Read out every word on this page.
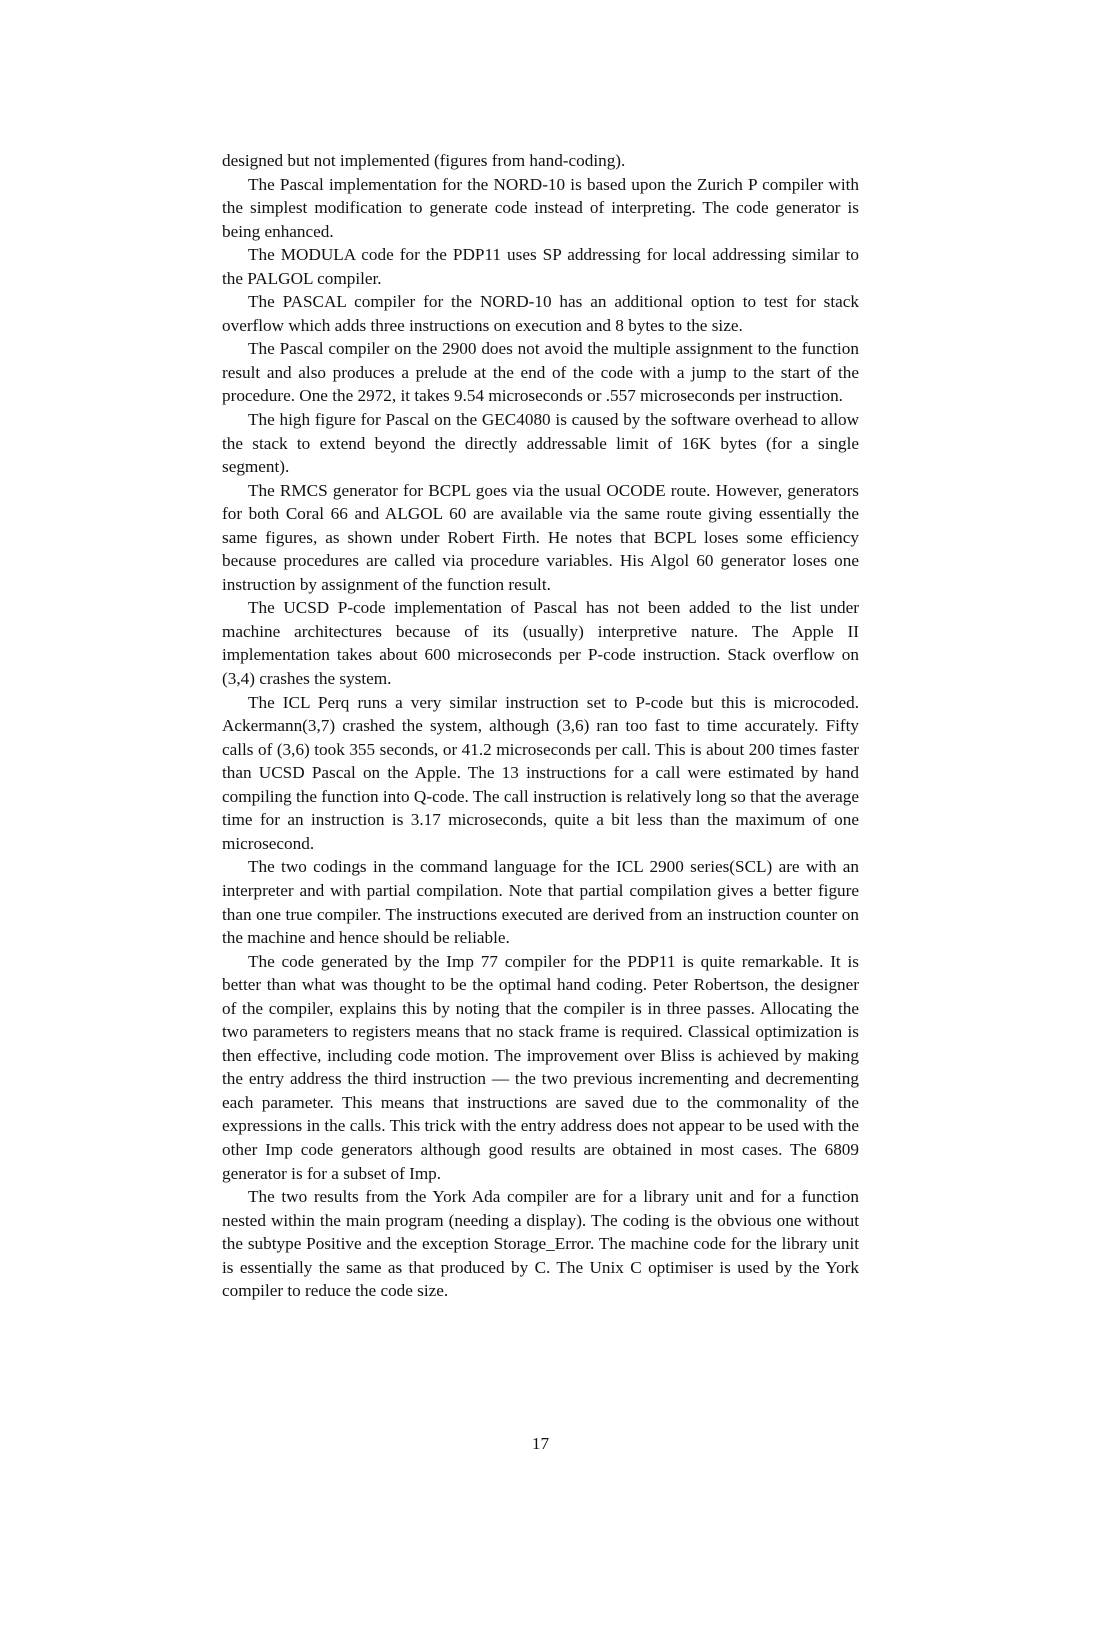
designed but not implemented (figures from hand-coding).

The Pascal implementation for the NORD-10 is based upon the Zurich P compiler with the simplest modification to generate code instead of interpreting. The code generator is being enhanced.

The MODULA code for the PDP11 uses SP addressing for local addressing similar to the PALGOL compiler.

The PASCAL compiler for the NORD-10 has an additional option to test for stack overflow which adds three instructions on execution and 8 bytes to the size.

The Pascal compiler on the 2900 does not avoid the multiple assignment to the function result and also produces a prelude at the end of the code with a jump to the start of the procedure. One the 2972, it takes 9.54 microseconds or .557 microseconds per instruction.

The high figure for Pascal on the GEC4080 is caused by the software overhead to allow the stack to extend beyond the directly addressable limit of 16K bytes (for a single segment).

The RMCS generator for BCPL goes via the usual OCODE route. However, generators for both Coral 66 and ALGOL 60 are available via the same route giving essentially the same figures, as shown under Robert Firth. He notes that BCPL loses some efficiency because procedures are called via procedure variables. His Algol 60 generator loses one instruction by assignment of the function result.

The UCSD P-code implementation of Pascal has not been added to the list under machine architectures because of its (usually) interpretive nature. The Apple II implementation takes about 600 microseconds per P-code instruction. Stack overflow on (3,4) crashes the system.

The ICL Perq runs a very similar instruction set to P-code but this is microcoded. Ackermann(3,7) crashed the system, although (3,6) ran too fast to time accurately. Fifty calls of (3,6) took 355 seconds, or 41.2 microseconds per call. This is about 200 times faster than UCSD Pascal on the Apple. The 13 instructions for a call were estimated by hand compiling the function into Q-code. The call instruction is relatively long so that the average time for an instruction is 3.17 microseconds, quite a bit less than the maximum of one microsecond.

The two codings in the command language for the ICL 2900 series(SCL) are with an interpreter and with partial compilation. Note that partial compilation gives a better figure than one true compiler. The instructions executed are derived from an instruction counter on the machine and hence should be reliable.

The code generated by the Imp 77 compiler for the PDP11 is quite remarkable. It is better than what was thought to be the optimal hand coding. Peter Robertson, the designer of the compiler, explains this by noting that the compiler is in three passes. Allocating the two parameters to registers means that no stack frame is required. Classical optimization is then effective, including code motion. The improvement over Bliss is achieved by making the entry address the third instruction — the two previous incrementing and decrementing each parameter. This means that instructions are saved due to the commonality of the expressions in the calls. This trick with the entry address does not appear to be used with the other Imp code generators although good results are obtained in most cases. The 6809 generator is for a subset of Imp.

The two results from the York Ada compiler are for a library unit and for a function nested within the main program (needing a display). The coding is the obvious one without the subtype Positive and the exception Storage_Error. The machine code for the library unit is essentially the same as that produced by C. The Unix C optimiser is used by the York compiler to reduce the code size.

17
